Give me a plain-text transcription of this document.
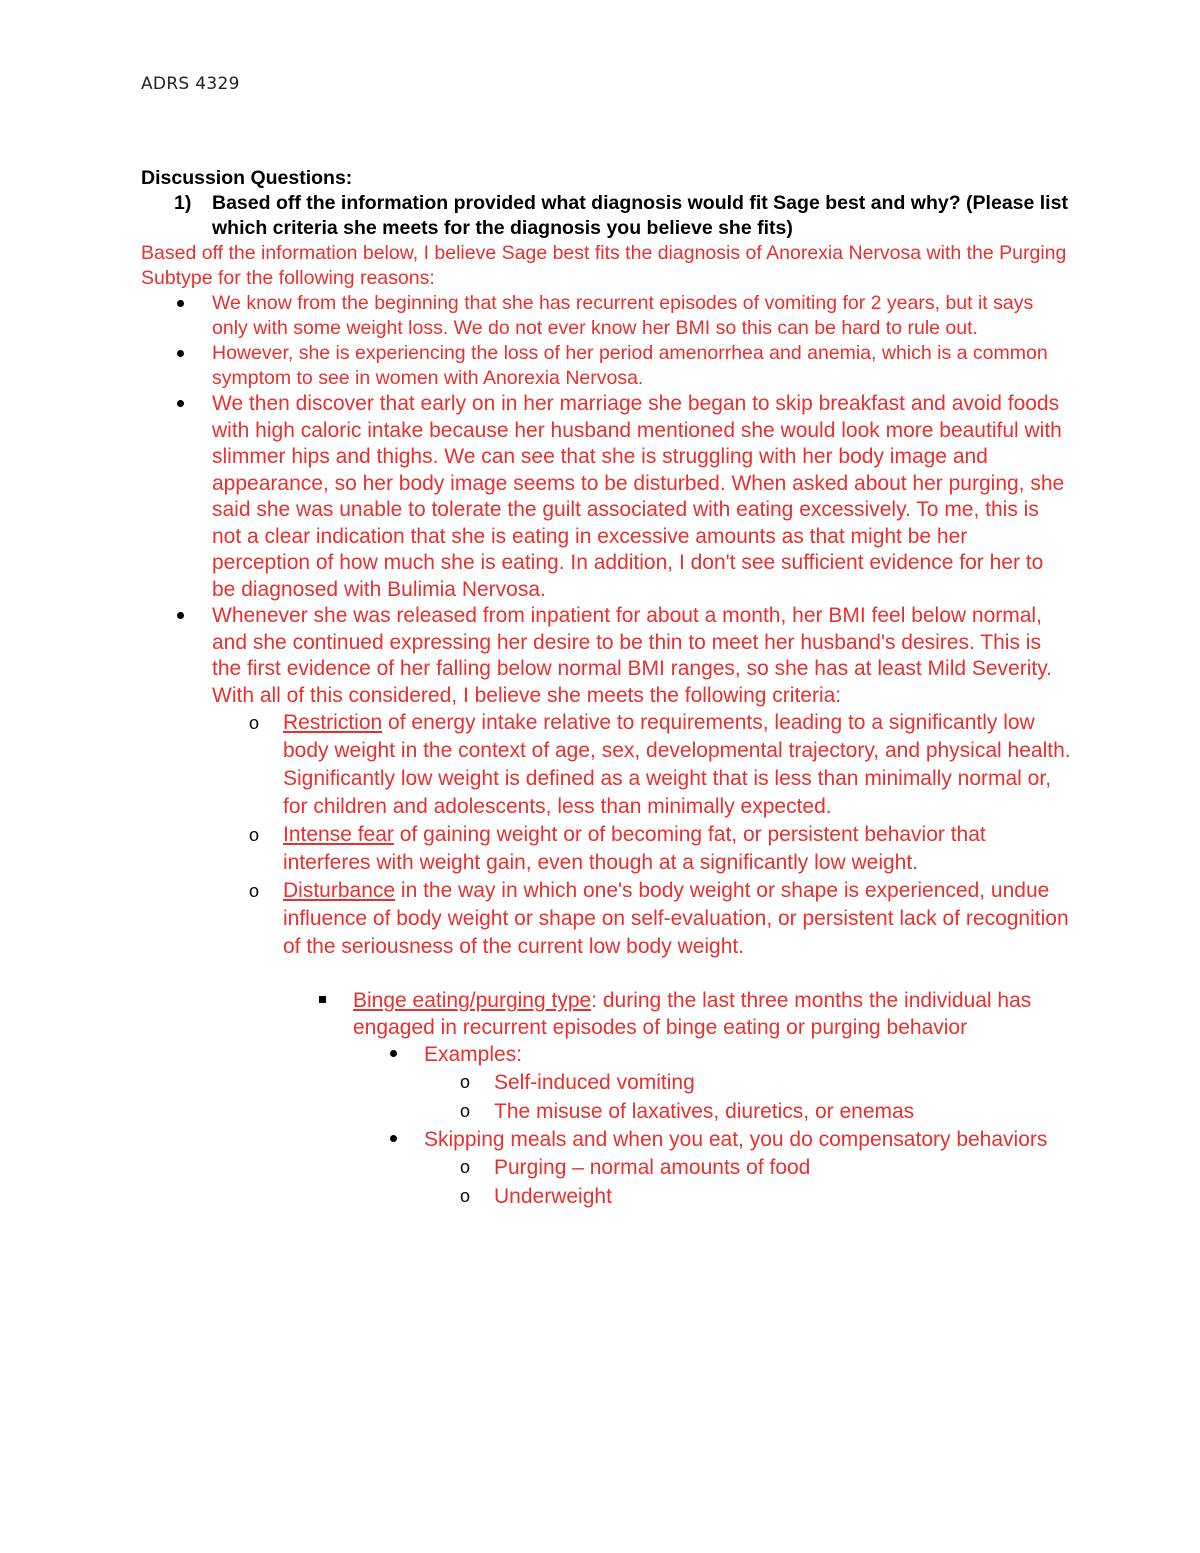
ADRS 4329

Discussion Questions:

1) Based off the information provided what diagnosis would fit Sage best and why? (Please list which criteria she meets for the diagnosis you believe she fits)

Based off the information below, I believe Sage best fits the diagnosis of Anorexia Nervosa with the Purging Subtype for the following reasons:

We know from the beginning that she has recurrent episodes of vomiting for 2 years, but it says only with some weight loss. We do not ever know her BMI so this can be hard to rule out.
However, she is experiencing the loss of her period amenorrhea and anemia, which is a common symptom to see in women with Anorexia Nervosa.
We then discover that early on in her marriage she began to skip breakfast and avoid foods with high caloric intake because her husband mentioned she would look more beautiful with slimmer hips and thighs. We can see that she is struggling with her body image and appearance, so her body image seems to be disturbed. When asked about her purging, she said she was unable to tolerate the guilt associated with eating excessively. To me, this is not a clear indication that she is eating in excessive amounts as that might be her perception of how much she is eating. In addition, I don't see sufficient evidence for her to be diagnosed with Bulimia Nervosa.
Whenever she was released from inpatient for about a month, her BMI feel below normal, and she continued expressing her desire to be thin to meet her husband's desires. This is the first evidence of her falling below normal BMI ranges, so she has at least Mild Severity. With all of this considered, I believe she meets the following criteria:
o Restriction of energy intake relative to requirements, leading to a significantly low body weight in the context of age, sex, developmental trajectory, and physical health. Significantly low weight is defined as a weight that is less than minimally normal or, for children and adolescents, less than minimally expected.
o Intense fear of gaining weight or of becoming fat, or persistent behavior that interferes with weight gain, even though at a significantly low weight.
o Disturbance in the way in which one's body weight or shape is experienced, undue influence of body weight or shape on self-evaluation, or persistent lack of recognition of the seriousness of the current low body weight.
Binge eating/purging type: during the last three months the individual has engaged in recurrent episodes of binge eating or purging behavior
Examples:
o Self-induced vomiting
o The misuse of laxatives, diuretics, or enemas
Skipping meals and when you eat, you do compensatory behaviors
o Purging – normal amounts of food
o Underweight
